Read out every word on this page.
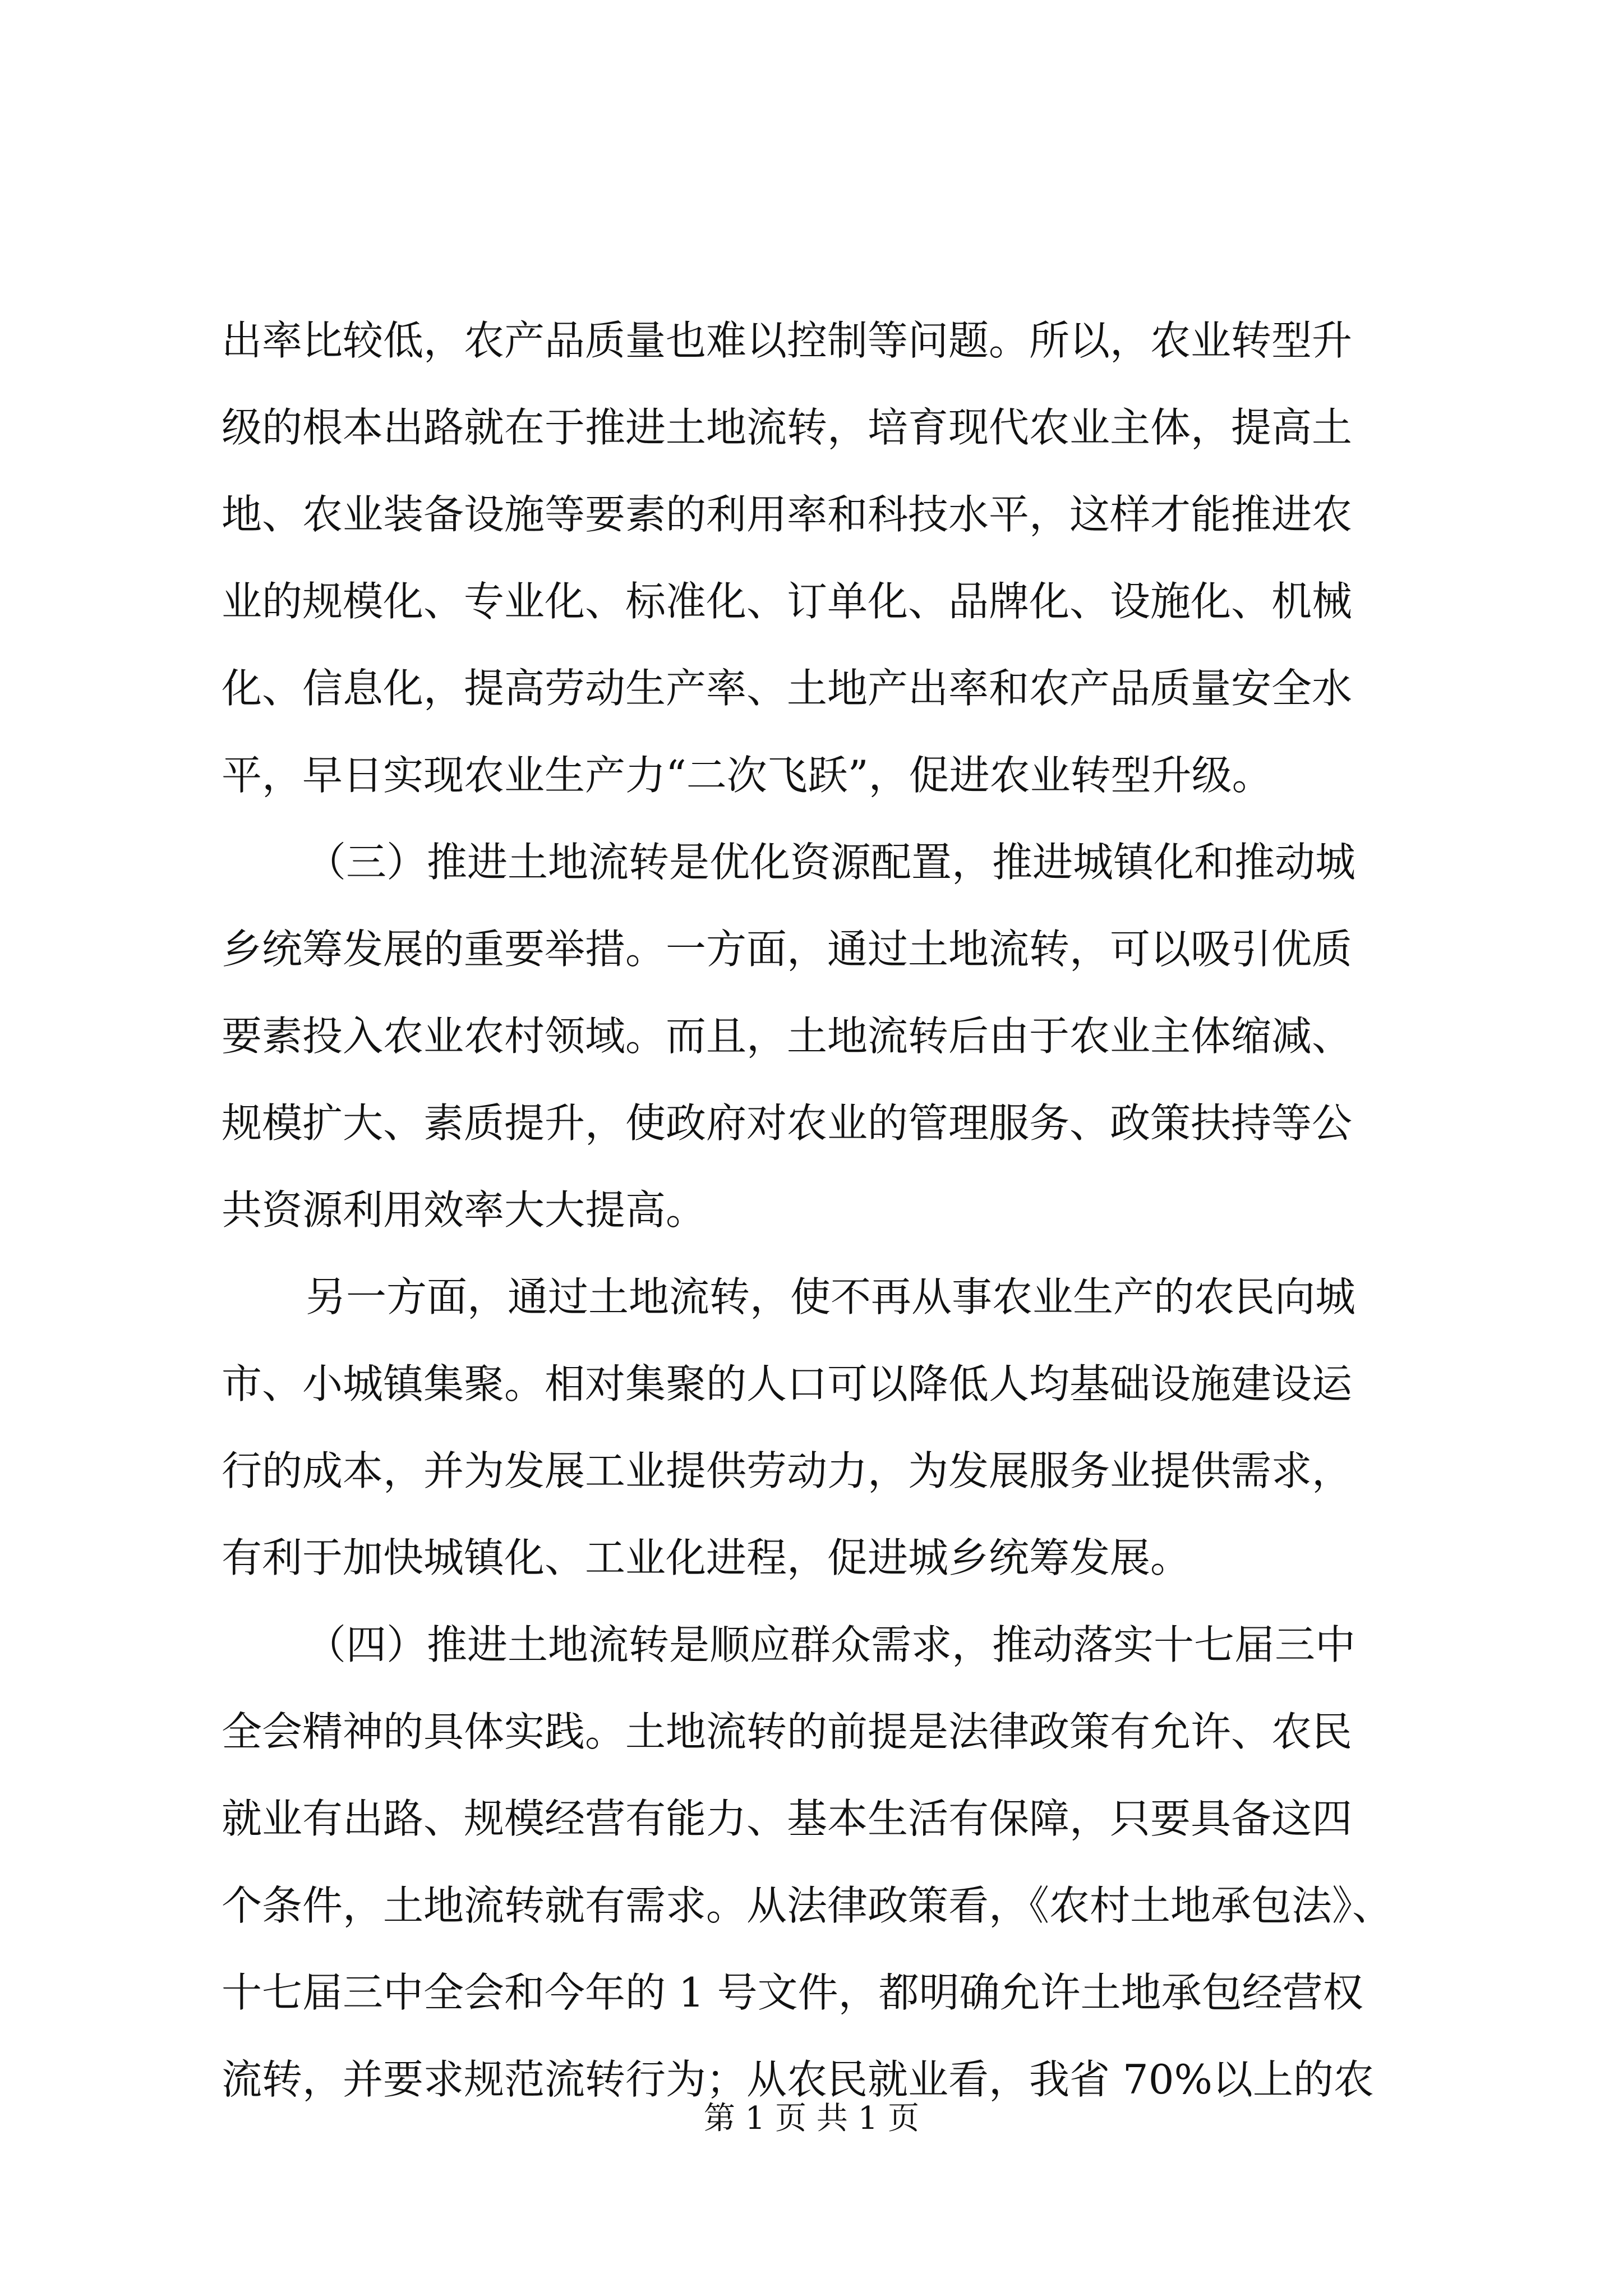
出率比较低，农产品质量也难以控制等问题。所以，农业转型升
级的根本出路就在于推进土地流转，培育现代农业主体，提高土
地、农业装备设施等要素的利用率和科技水平，这样才能推进农
业的规模化、专业化、标准化、订单化、品牌化、设施化、机械
化、信息化，提高劳动生产率、土地产出率和农产品质量安全水
平，早日实现农业生产力“二次飞跃”，促进农业转型升级。
（三）推进土地流转是优化资源配置，推进城镇化和推动城
乡统筹发展的重要举措。一方面，通过土地流转，可以吸引优质
要素投入农业农村领域。而且，土地流转后由于农业主体缩减、
规模扩大、素质提升，使政府对农业的管理服务、政策扶持等公
共资源利用效率大大提高。
另一方面，通过土地流转，使不再从事农业生产的农民向城
市、小城镇集聚。相对集聚的人口可以降低人均基础设施建设运
行的成本，并为发展工业提供劳动力，为发展服务业提供需求，
有利于加快城镇化、工业化进程，促进城乡统筹发展。
（四）推进土地流转是顺应群众需求，推动落实十七届三中
全会精神的具体实践。土地流转的前提是法律政策有允许、农民
就业有出路、规模经营有能力、基本生活有保障，只要具备这四
个条件，土地流转就有需求。从法律政策看，《农村土地承包法》、
十七届三中全会和今年的 1 号文件，都明确允许土地承包经营权
流转，并要求规范流转行为；从农民就业看，我省 70%以上的农
第 1 页 共 1 页
